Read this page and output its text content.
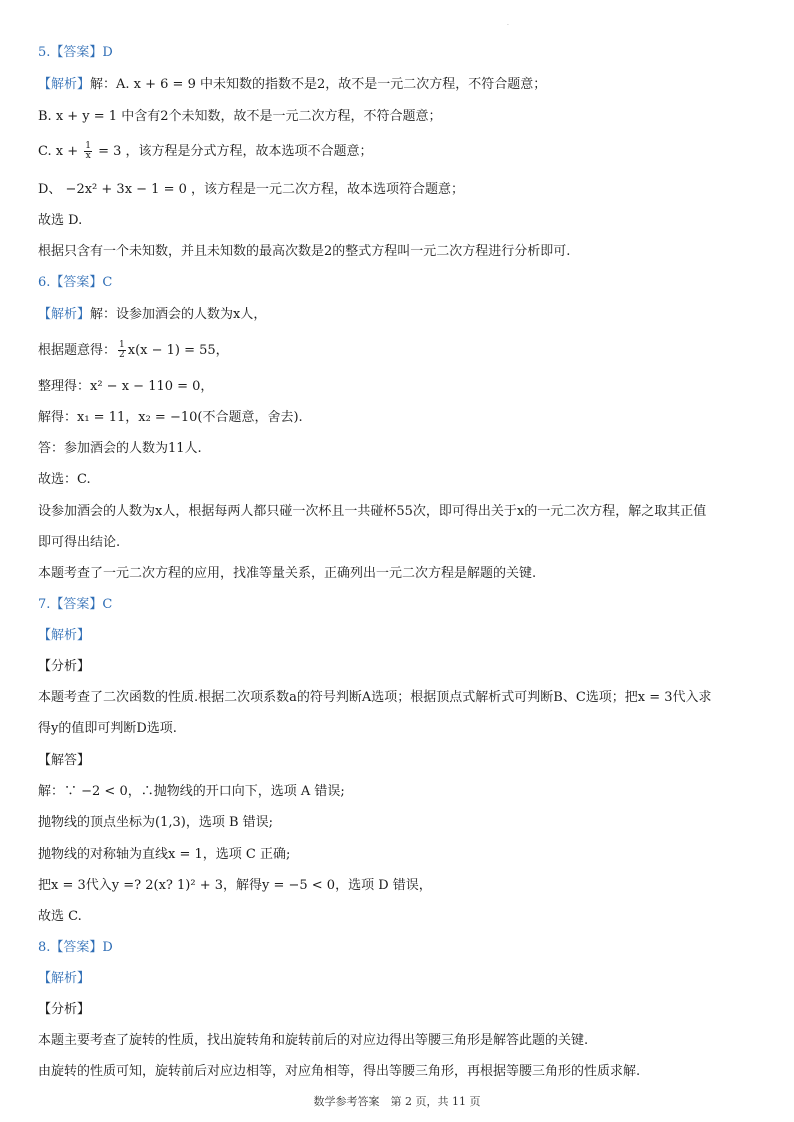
·
5.【答案】D
【解析】解：A. x + 6 = 9 中未知数的指数不是2，故不是一元二次方程，不符合题意；
B. x + y = 1 中含有2个未知数，故不是一元二次方程，不符合题意；
C. $x + \frac{1}{x} = 3$ ，该方程是分式方程，故本选项不合题意；
D、 −2x² + 3x − 1 = 0 ，该方程是一元二次方程，故本选项符合题意；
故选 D.
根据只含有一个未知数，并且未知数的最高次数是2的整式方程叫一元二次方程进行分析即可.
6.【答案】C
【解析】解：设参加酒会的人数为x人，
根据题意得： $\frac{1}{2} x(x - 1) = 55$，
整理得：x² − x − 110 = 0，
解得：x₁ = 11，x₂ = −10(不合题意，舍去).
答：参加酒会的人数为11人.
故选：C.
设参加酒会的人数为x人，根据每两人都只碰一次杯且一共碰杯55次，即可得出关于x的一元二次方程，解之取其正值
即可得出结论.
本题考查了一元二次方程的应用，找准等量关系，正确列出一元二次方程是解题的关键.
7.【答案】C
【解析】
【分析】
本题考查了二次函数的性质.根据二次项系数a的符号判断A选项；根据顶点式解析式可判断B、C选项；把x = 3代入求
得y的值即可判断D选项.
【解答】
解：∵ −2 < 0，∴抛物线的开口向下，选项 A 错误;
抛物线的顶点坐标为(1,3)，选项 B 错误;
抛物线的对称轴为直线x = 1，选项 C 正确;
把x = 3代入y =? 2(x? 1)² + 3，解得y = −5 < 0，选项 D 错误，
故选 C.
8.【答案】D
【解析】
【分析】
本题主要考查了旋转的性质，找出旋转角和旋转前后的对应边得出等腰三角形是解答此题的关键.
由旋转的性质可知，旋转前后对应边相等，对应角相等，得出等腰三角形，再根据等腰三角形的性质求解.
数学参考答案　第 2 页，共 11 页
